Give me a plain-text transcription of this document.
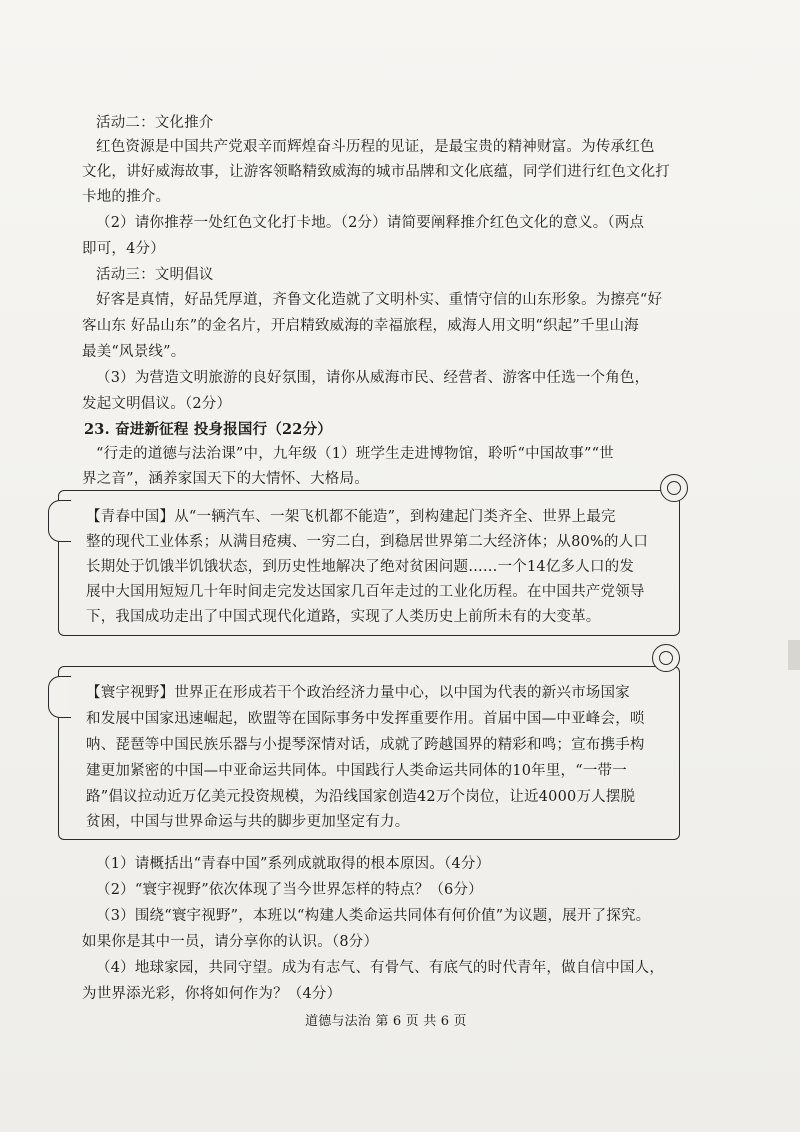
活动二：文化推介
红色资源是中国共产党艰辛而辉煌奋斗历程的见证，是最宝贵的精神财富。为传承红色
文化，讲好威海故事，让游客领略精致威海的城市品牌和文化底蕴，同学们进行红色文化打
卡地的推介。
（2）请你推荐一处红色文化打卡地。（2分）请简要阐释推介红色文化的意义。（两点
即可，4分）
活动三：文明倡议
好客是真情，好品凭厚道，齐鲁文化造就了文明朴实、重情守信的山东形象。为擦亮“好
客山东 好品山东”的金名片，开启精致威海的幸福旅程，威海人用文明“织起”千里山海
最美“风景线”。
（3）为营造文明旅游的良好氛围，请你从威海市民、经营者、游客中任选一个角色，
发起文明倡议。（2分）
23. 奋进新征程 投身报国行（22分）
“行走的道德与法治课”中，九年级（1）班学生走进博物馆，聆听“中国故事”“世
界之音”，涵养家国天下的大情怀、大格局。
【青春中国】从“一辆汽车、一架飞机都不能造”，到构建起门类齐全、世界上最完
整的现代工业体系；从满目疮痍、一穷二白，到稳居世界第二大经济体；从80%的人口
长期处于饥饿半饥饿状态，到历史性地解决了绝对贫困问题……一个14亿多人口的发
展中大国用短短几十年时间走完发达国家几百年走过的工业化历程。在中国共产党领导
下，我国成功走出了中国式现代化道路，实现了人类历史上前所未有的大变革。
【寰宇视野】世界正在形成若干个政治经济力量中心，以中国为代表的新兴市场国家
和发展中国家迅速崛起，欧盟等在国际事务中发挥重要作用。首届中国—中亚峰会，唢
呐、琵琶等中国民族乐器与小提琴深情对话，成就了跨越国界的精彩和鸣；宣布携手构
建更加紧密的中国—中亚命运共同体。中国践行人类命运共同体的10年里，“一带一
路”倡议拉动近万亿美元投资规模，为沿线国家创造42万个岗位，让近4000万人摆脱
贫困，中国与世界命运与共的脚步更加坚定有力。
（1）请概括出“青春中国”系列成就取得的根本原因。（4分）
（2）“寰宇视野”依次体现了当今世界怎样的特点？（6分）
（3）围绕“寰宇视野”，本班以“构建人类命运共同体有何价值”为议题，展开了探究。
如果你是其中一员，请分享你的认识。（8分）
（4）地球家园，共同守望。成为有志气、有骨气、有底气的时代青年，做自信中国人，
为世界添光彩，你将如何作为？（4分）
道德与法治 第 6 页 共 6 页
